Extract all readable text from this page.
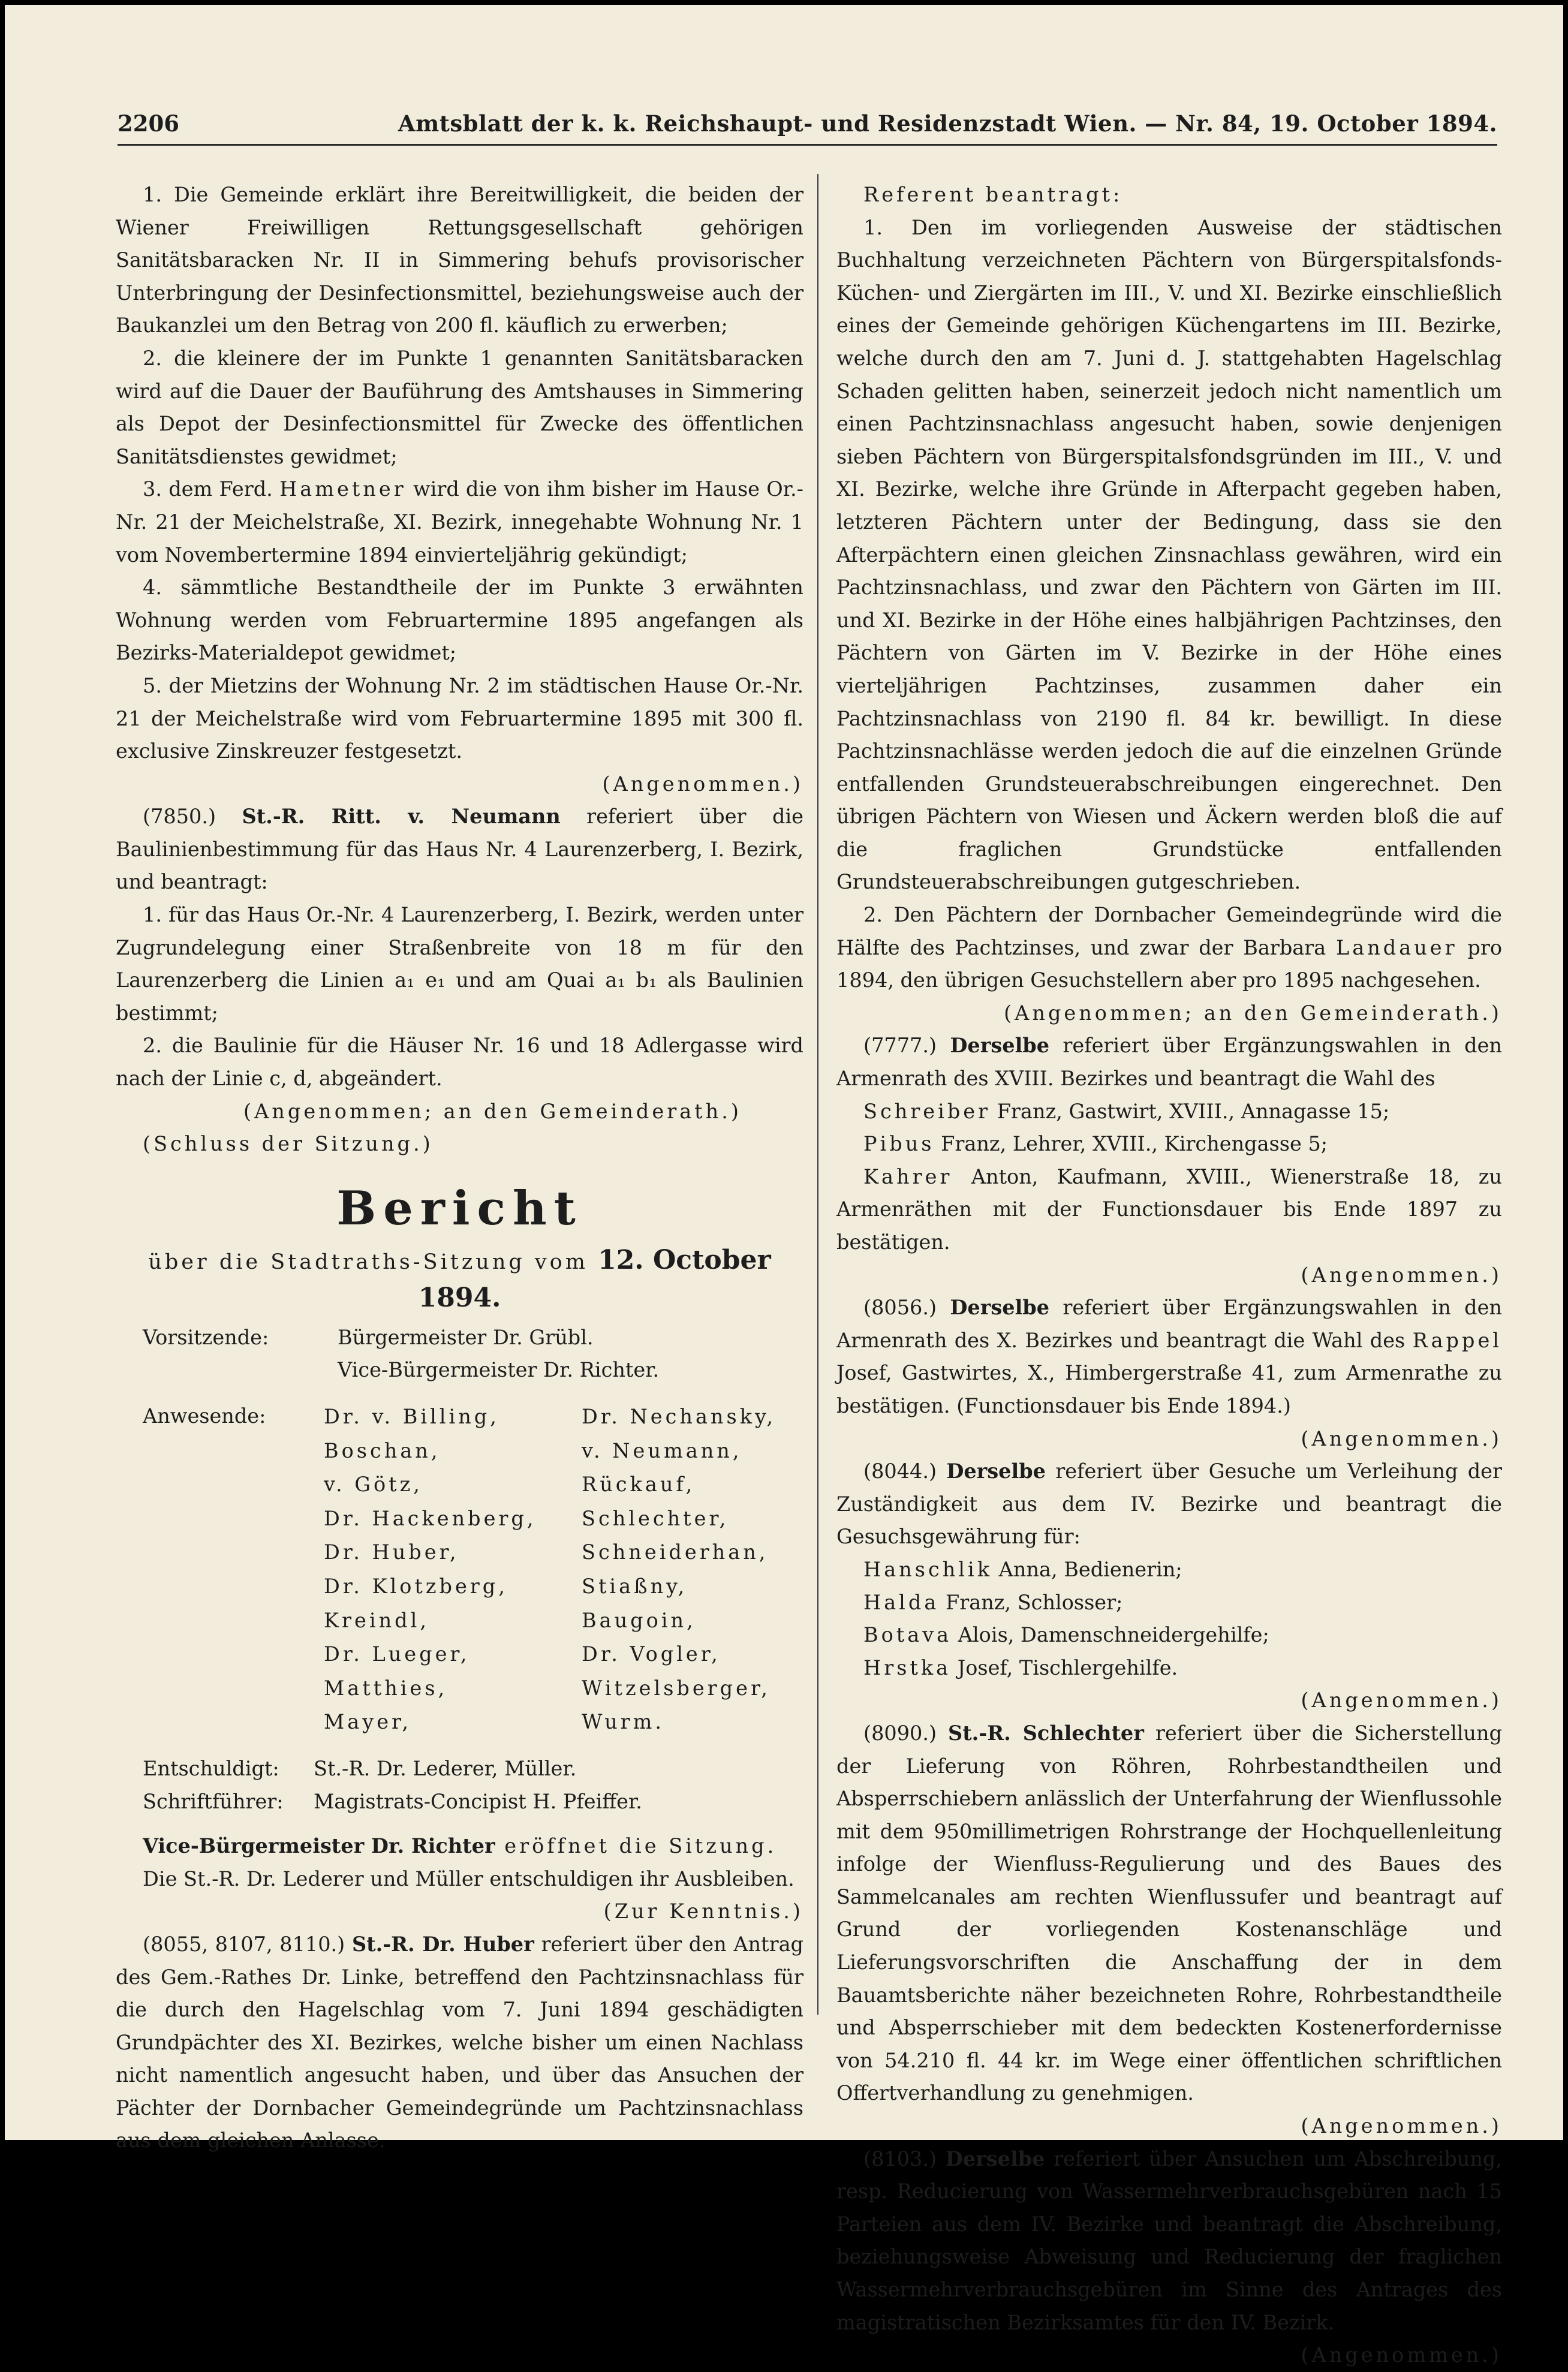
2206	Amtsblatt der k. k. Reichshaupt- und Residenzstadt Wien. — Nr. 84, 19. October 1894.

1. Die Gemeinde erklärt ihre Bereitwilligkeit, die beiden der Wiener Freiwilligen Rettungsgesellschaft gehörigen Sanitätsbaracken Nr. II in Simmering behufs provisorischer Unterbringung der Desinfectionsmittel, beziehungsweise auch der Baukanzlei um den Betrag von 200 fl. käuflich zu erwerben;

2. die kleinere der im Punkte 1 genannten Sanitätsbaracken wird auf die Dauer der Bauführung des Amtshauses in Simmering als Depot der Desinfectionsmittel für Zwecke des öffentlichen Sanitätsdienstes gewidmet;

3. dem Ferd. Hametner wird die von ihm bisher im Hause Or.-Nr. 21 der Meichelstraße, XI. Bezirk, innegehabte Wohnung Nr. 1 vom Novembertermine 1894 einvierteljährig gekündigt;

4. sämmtliche Bestandtheile der im Punkte 3 erwähnten Wohnung werden vom Februartermine 1895 angefangen als Bezirks-Materialdepot gewidmet;

5. der Mietzins der Wohnung Nr. 2 im städtischen Hause Or.-Nr. 21 der Meichelstraße wird vom Februartermine 1895 mit 300 fl. exclusive Zinskreuzer festgesetzt.

(Angenommen.)

(7850.) St.-R. Ritt. v. Neumann referiert über die Baulinienbestimmung für das Haus Nr. 4 Laurenzerberg, I. Bezirk, und beantragt:

1. für das Haus Or.-Nr. 4 Laurenzerberg, I. Bezirk, werden unter Zugrundelegung einer Straßenbreite von 18 m für den Laurenzerberg die Linien a₁ e₁ und am Quai a₁ b₁ als Baulinien bestimmt;

2. die Baulinie für die Häuser Nr. 16 und 18 Adlergasse wird nach der Linie c, d, abgeändert.

(Angenommen; an den Gemeinderath.)

(Schluss der Sitzung.)

Bericht

über die Stadtraths-Sitzung vom 12. October 1894.

Vorsitzende:	Bürgermeister Dr. Grübl.
Vice-Bürgermeister Dr. Richter.
Anwesende:	Dr. v. Billing,	Dr. Nechansky,
Boschan,	v. Neumann,
v. Götz,	Rückauf,
Dr. Hackenberg,	Schlechter,
Dr. Huber,	Schneiderhan,
Dr. Klotzberg,	Stiaßny,
Kreindl,	Baugoin,
Dr. Lueger,	Dr. Vogler,
Matthies,	Witzelsberger,
Mayer,	Wurm.
Entschuldigt:	St.-R. Dr. Lederer, Müller.
Schriftführer:	Magistrats-Concipist H. Pfeiffer.

Vice-Bürgermeister Dr. Richter eröffnet die Sitzung.

Die St.-R. Dr. Lederer und Müller entschuldigen ihr Ausbleiben.

(Zur Kenntnis.)

(8055, 8107, 8110.) St.-R. Dr. Huber referiert über den Antrag des Gem.-Rathes Dr. Linke, betreffend den Pachtzinsnachlass für die durch den Hagelschlag vom 7. Juni 1894 geschädigten Grundpächter des XI. Bezirkes, welche bisher um einen Nachlass nicht namentlich angesucht haben, und über das Ansuchen der Pächter der Dornbacher Gemeindegründe um Pachtzinsnachlass aus dem gleichen Anlasse.

Referent beantragt:

1. Den im vorliegenden Ausweise der städtischen Buchhaltung verzeichneten Pächtern von Bürgerspitalsfonds-Küchen- und Ziergärten im III., V. und XI. Bezirke einschließlich eines der Gemeinde gehörigen Küchengartens im III. Bezirke, welche durch den am 7. Juni d. J. stattgehabten Hagelschlag Schaden gelitten haben, seinerzeit jedoch nicht namentlich um einen Pachtzinsnachlass angesucht haben, sowie denjenigen sieben Pächtern von Bürgerspitalsfondsgründen im III., V. und XI. Bezirke, welche ihre Gründe in Afterpacht gegeben haben, letzteren Pächtern unter der Bedingung, dass sie den Afterpächtern einen gleichen Zinsnachlass gewähren, wird ein Pachtzinsnachlass, und zwar den Pächtern von Gärten im III. und XI. Bezirke in der Höhe eines halbjährigen Pachtzinses, den Pächtern von Gärten im V. Bezirke in der Höhe eines vierteljährigen Pachtzinses, zusammen daher ein Pachtzinsnachlass von 2190 fl. 84 kr. bewilligt. In diese Pachtzinsnachlässe werden jedoch die auf die einzelnen Gründe entfallenden Grundsteuerabschreibungen eingerechnet. Den übrigen Pächtern von Wiesen und Äckern werden bloß die auf die fraglichen Grundstücke entfallenden Grundsteuerabschreibungen gutgeschrieben.

2. Den Pächtern der Dornbacher Gemeindegründe wird die Hälfte des Pachtzinses, und zwar der Barbara Landauer pro 1894, den übrigen Gesuchstellern aber pro 1895 nachgesehen.

(Angenommen; an den Gemeinderath.)

(7777.) Derselbe referiert über Ergänzungswahlen in den Armenrath des XVIII. Bezirkes und beantragt die Wahl des

Schreiber Franz, Gastwirt, XVIII., Annagasse 15;

Pibus Franz, Lehrer, XVIII., Kirchengasse 5;

Kahrer Anton, Kaufmann, XVIII., Wienerstraße 18, zu Armenräthen mit der Functionsdauer bis Ende 1897 zu bestätigen.

(Angenommen.)

(8056.) Derselbe referiert über Ergänzungswahlen in den Armenrath des X. Bezirkes und beantragt die Wahl des Rappel Josef, Gastwirtes, X., Himbergerstraße 41, zum Armenrathe zu bestätigen. (Functionsdauer bis Ende 1894.)

(Angenommen.)

(8044.) Derselbe referiert über Gesuche um Verleihung der Zuständigkeit aus dem IV. Bezirke und beantragt die Gesuchsgewährung für:

Hanschlik Anna, Bedienerin;

Halda Franz, Schlosser;

Botava Alois, Damenschneidergehilfe;

Hrstka Josef, Tischlergehilfe.

(Angenommen.)

(8090.) St.-R. Schlechter referiert über die Sicherstellung der Lieferung von Röhren, Rohrbestandtheilen und Absperrschiebern anlässlich der Unterfahrung der Wienflussohle mit dem 950millimetrigen Rohrstrange der Hochquellenleitung infolge der Wienfluss-Regulierung und des Baues des Sammelcanales am rechten Wienflussufer und beantragt auf Grund der vorliegenden Kostenanschläge und Lieferungsvorschriften die Anschaffung der in dem Bauamtsberichte näher bezeichneten Rohre, Rohrbestandtheile und Absperrschieber mit dem bedeckten Kostenerfordernisse von 54.210 fl. 44 kr. im Wege einer öffentlichen schriftlichen Offertverhandlung zu genehmigen.

(Angenommen.)

(8103.) Derselbe referiert über Ansuchen um Abschreibung, resp. Reducierung von Wassermehrverbrauchsgebüren nach 15 Parteien aus dem IV. Bezirke und beantragt die Abschreibung, beziehungsweise Abweisung und Reducierung der fraglichen Wassermehrverbrauchsgebüren im Sinne des Antrages des magistratischen Bezirksamtes für den IV. Bezirk.

(Angenommen.)
